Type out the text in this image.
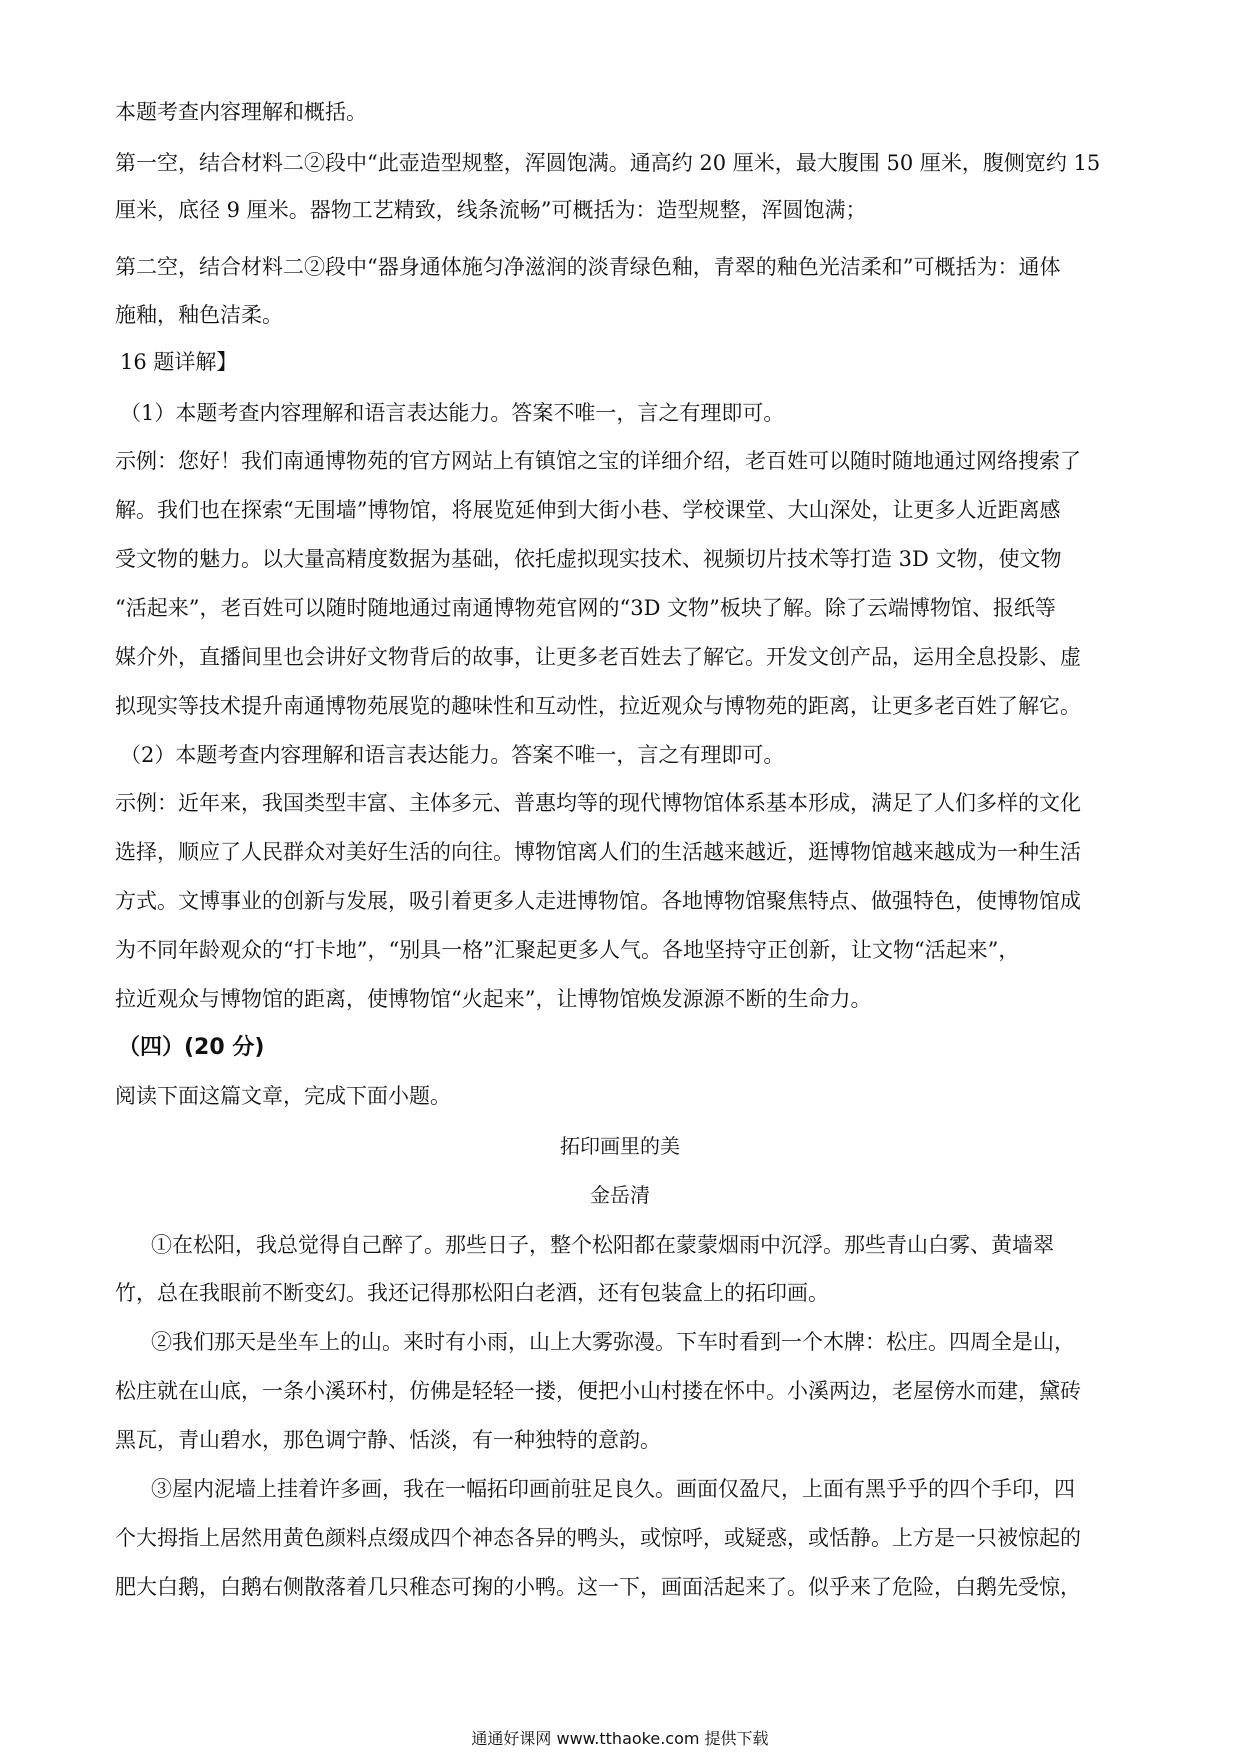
本题考查内容理解和概括。
第一空，结合材料二②段中“此壶造型规整，浑圆饱满。通高约 20 厘米，最大腹围 50 厘米，腹侧宽约 15
厘米，底径 9 厘米。器物工艺精致，线条流畅”可概括为：造型规整，浑圆饱满；
第二空，结合材料二②段中“器身通体施匀净滋润的淡青绿色釉，青翠的釉色光洁柔和”可概括为：通体
施釉，釉色洁柔。
16 题详解】
（1）本题考查内容理解和语言表达能力。答案不唯一，言之有理即可。
示例：您好！我们南通博物苑的官方网站上有镇馆之宝的详细介绍，老百姓可以随时随地通过网络搜索了
解。我们也在探索“无围墙”博物馆，将展览延伸到大街小巷、学校课堂、大山深处，让更多人近距离感
受文物的魅力。以大量高精度数据为基础，依托虚拟现实技术、视频切片技术等打造 3D 文物，使文物
“活起来”，老百姓可以随时随地通过南通博物苑官网的“3D 文物”板块了解。除了云端博物馆、报纸等
媒介外，直播间里也会讲好文物背后的故事，让更多老百姓去了解它。开发文创产品，运用全息投影、虚
拟现实等技术提升南通博物苑展览的趣味性和互动性，拉近观众与博物苑的距离，让更多老百姓了解它。
（2）本题考查内容理解和语言表达能力。答案不唯一，言之有理即可。
示例：近年来，我国类型丰富、主体多元、普惠均等的现代博物馆体系基本形成，满足了人们多样的文化
选择，顺应了人民群众对美好生活的向往。博物馆离人们的生活越来越近，逛博物馆越来越成为一种生活
方式。文博事业的创新与发展，吸引着更多人走进博物馆。各地博物馆聚焦特点、做强特色，使博物馆成
为不同年龄观众的“打卡地”，“别具一格”汇聚起更多人气。各地坚持守正创新，让文物“活起来”，
拉近观众与博物馆的距离，使博物馆“火起来”，让博物馆焕发源源不断的生命力。
（四）(20 分)
阅读下面这篇文章，完成下面小题。
拓印画里的美
金岳清
①在松阳，我总觉得自己醉了。那些日子，整个松阳都在蒙蒙烟雨中沉浮。那些青山白雾、黄墙翠
竹，总在我眼前不断变幻。我还记得那松阳白老酒，还有包装盒上的拓印画。
②我们那天是坐车上的山。来时有小雨，山上大雾弥漫。下车时看到一个木牌：松庄。四周全是山，
松庄就在山底，一条小溪环村，仿佛是轻轻一搂，便把小山村搂在怀中。小溪两边，老屋傍水而建，黛砖
黑瓦，青山碧水，那色调宁静、恬淡，有一种独特的意韵。
③屋内泥墙上挂着许多画，我在一幅拓印画前驻足良久。画面仅盈尺，上面有黑乎乎的四个手印，四
个大拇指上居然用黄色颜料点缀成四个神态各异的鸭头，或惊呼，或疑惑，或恬静。上方是一只被惊起的
肥大白鹅，白鹅右侧散落着几只稚态可掬的小鸭。这一下，画面活起来了。似乎来了危险，白鹅先受惊，
通通好课网 www.tthaoke.com 提供下载
